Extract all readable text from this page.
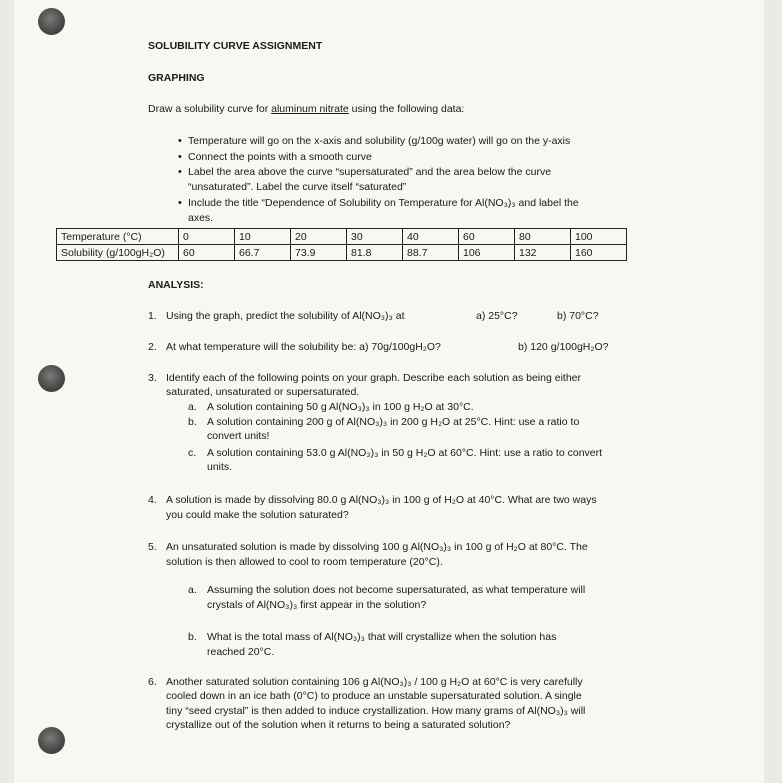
SOLUBILITY CURVE ASSIGNMENT
GRAPHING
Draw a solubility curve for aluminum nitrate using the following data:
• Temperature will go on the x-axis and solubility (g/100g water) will go on the y-axis
• Connect the points with a smooth curve
• Label the area above the curve “supersaturated” and the area below the curve
“unsaturated”. Label the curve itself “saturated”
• Include the title “Dependence of Solubility on Temperature for Al(NO₃)₃ and label the
axes.
Temperature (°C)	0	10	20	30	40	60	80	100
Solubility (g/100gH₂O)	60	66.7	73.9	81.8	88.7	106	132	160
ANALYSIS:
1. Using the graph, predict the solubility of Al(NO₃)₃ at	a) 25°C?	b) 70°C?
2. At what temperature will the solubility be: a) 70g/100gH₂O?	b) 120 g/100gH₂O?
3. Identify each of the following points on your graph. Describe each solution as being either
saturated, unsaturated or supersaturated.
a. A solution containing 50 g Al(NO₃)₃ in 100 g H₂O at 30°C.
b. A solution containing 200 g of Al(NO₃)₃ in 200 g H₂O at 25°C. Hint: use a ratio to
convert units!
c. A solution containing 53.0 g Al(NO₃)₃ in 50 g H₂O at 60°C. Hint: use a ratio to convert
units.
4. A solution is made by dissolving 80.0 g Al(NO₃)₃ in 100 g of H₂O at 40°C. What are two ways
you could make the solution saturated?
5. An unsaturated solution is made by dissolving 100 g Al(NO₃)₃ in 100 g of H₂O at 80°C. The
solution is then allowed to cool to room temperature (20°C).
a. Assuming the solution does not become supersaturated, as what temperature will
crystals of Al(NO₃)₃ first appear in the solution?
b. What is the total mass of Al(NO₃)₃ that will crystallize when the solution has
reached 20°C.
6. Another saturated solution containing 106 g Al(NO₃)₃ / 100 g H₂O at 60°C is very carefully
cooled down in an ice bath (0°C) to produce an unstable supersaturated solution. A single
tiny “seed crystal” is then added to induce crystallization. How many grams of Al(NO₃)₃ will
crystallize out of the solution when it returns to being a saturated solution?
